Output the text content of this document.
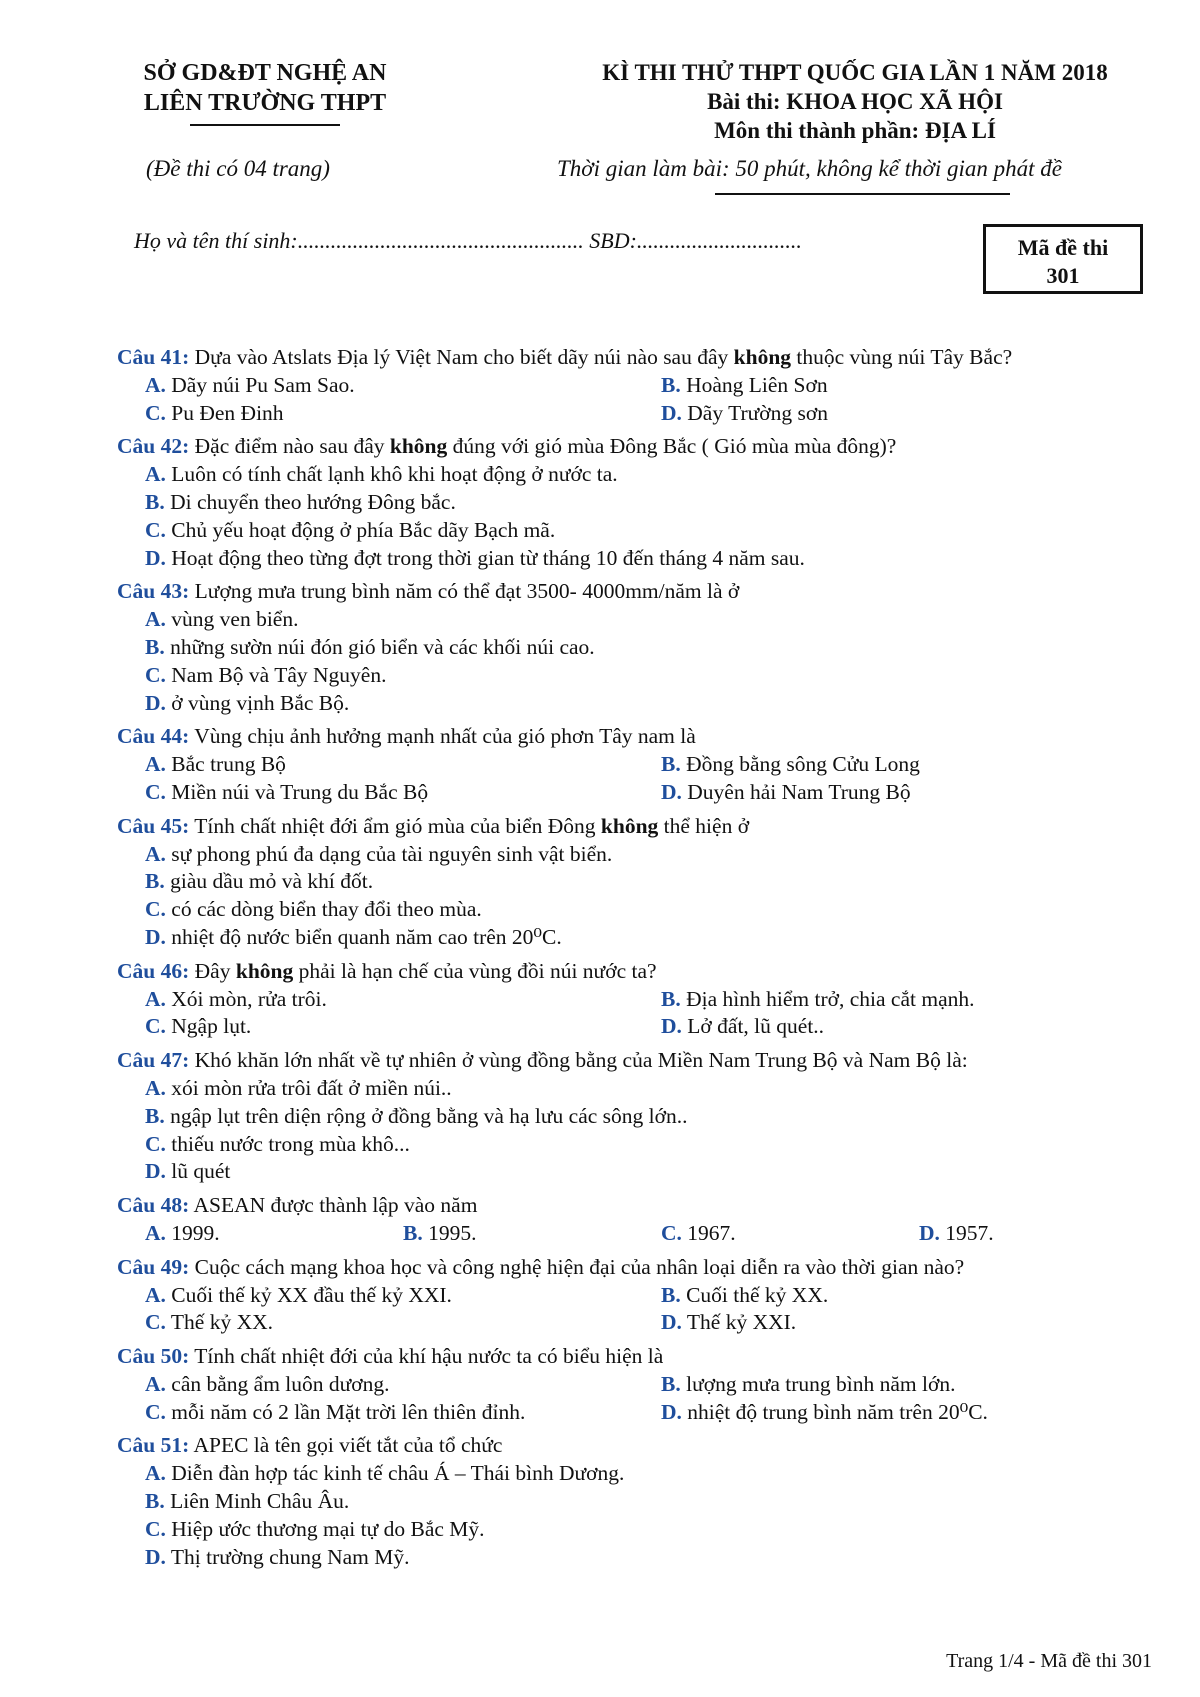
SỞ GD&ĐT NGHỆ AN
LIÊN TRƯỜNG THPT
KÌ THI THỬ THPT QUỐC GIA LẦN 1 NĂM 2018
Bài thi: KHOA HỌC XÃ HỘI
Môn thi thành phần: ĐỊA LÍ
(Đề thi có 04 trang)	Thời gian làm bài: 50 phút, không kể thời gian phát đề
Họ và tên thí sinh:.................................................... SBD:..............................	Mã đề thi
301
Câu 41: Dựa vào Atslats Địa lý Việt Nam cho biết dãy núi nào sau đây không thuộc vùng núi Tây Bắc?
A. Dãy núi Pu Sam Sao.	B. Hoàng Liên Sơn
C. Pu Đen Đinh	D. Dãy Trường sơn
Câu 42: Đặc điểm nào sau đây không đúng với gió mùa Đông Bắc ( Gió mùa mùa đông)?
A. Luôn có tính chất lạnh khô khi hoạt động ở nước ta.
B. Di chuyển theo hướng Đông bắc.
C. Chủ yếu hoạt động ở phía Bắc dãy Bạch mã.
D. Hoạt động theo từng đợt trong thời gian từ tháng 10 đến tháng 4 năm sau.
Câu 43: Lượng mưa trung bình năm có thể đạt 3500- 4000mm/năm là ở
A. vùng ven biển.
B. những sườn núi đón gió biển và các khối núi cao.
C. Nam Bộ và Tây Nguyên.
D. ở vùng vịnh Bắc Bộ.
Câu 44: Vùng chịu ảnh hưởng mạnh nhất của gió phơn Tây nam là
A. Bắc trung Bộ	B. Đồng bằng sông Cửu Long
C. Miền núi và Trung du Bắc Bộ	D. Duyên hải Nam Trung Bộ
Câu 45: Tính chất nhiệt đới ẩm gió mùa của biển Đông không thể hiện ở
A. sự phong phú đa dạng của tài nguyên sinh vật biển.
B. giàu dầu mỏ và khí đốt.
C. có các dòng biển thay đổi theo mùa.
D. nhiệt độ nước biển quanh năm cao trên 20⁰C.
Câu 46: Đây không phải là hạn chế của vùng đồi núi nước ta?
A. Xói mòn, rửa trôi.	B. Địa hình hiểm trở, chia cắt mạnh.
C. Ngập lụt.	D. Lở đất, lũ quét..
Câu 47: Khó khăn lớn nhất về tự nhiên ở vùng đồng bằng của Miền Nam Trung Bộ và Nam Bộ là:
A. xói mòn rửa trôi đất ở miền núi..
B. ngập lụt trên diện rộng ở đồng bằng và hạ lưu các sông lớn..
C. thiếu nước trong mùa khô...
D. lũ quét
Câu 48: ASEAN được thành lập vào năm
A. 1999.	B. 1995.	C. 1967.	D. 1957.
Câu 49: Cuộc cách mạng khoa học và công nghệ hiện đại của nhân loại diễn ra vào thời gian nào?
A. Cuối thế kỷ XX đầu thế kỷ XXI.	B. Cuối thế kỷ XX.
C. Thế kỷ XX.	D. Thế kỷ XXI.
Câu 50: Tính chất nhiệt đới của khí hậu nước ta có biểu hiện là
A. cân bằng ẩm luôn dương.	B. lượng mưa trung bình năm lớn.
C. mỗi năm có 2 lần Mặt trời lên thiên đỉnh.	D. nhiệt độ trung bình năm trên 20⁰C.
Câu 51: APEC là tên gọi viết tắt của tổ chức
A. Diễn đàn hợp tác kinh tế châu Á – Thái bình Dương.
B. Liên Minh Châu Âu.
C. Hiệp ước thương mại tự do Bắc Mỹ.
D. Thị trường chung Nam Mỹ.
Trang 1/4 - Mã đề thi 301
